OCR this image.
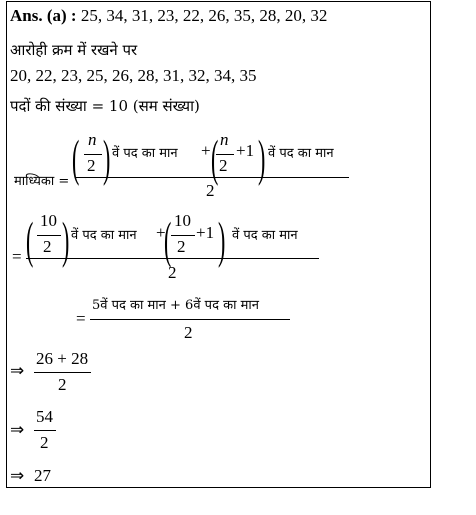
Ans. (a) : 25, 34, 31, 23, 22, 26, 35, 28, 20, 32
आरोही क्रम में रखने पर
20, 22, 23, 25, 26, 28, 31, 32, 34, 35
पदों की संख्या = 10 (सम संख्या)
माध्यिका = ( n
2 ) वें पद का मान + ( n
2
+1 ) वें पद का मान
2
= ( 10
2 ) वें पद का मान +
( 10
2
+1 ) वें पद का मान
2
=
5वें पद का मान + 6वें पद का मान
2
⇒
26 + 28
2
⇒
54
2
⇒ 27
